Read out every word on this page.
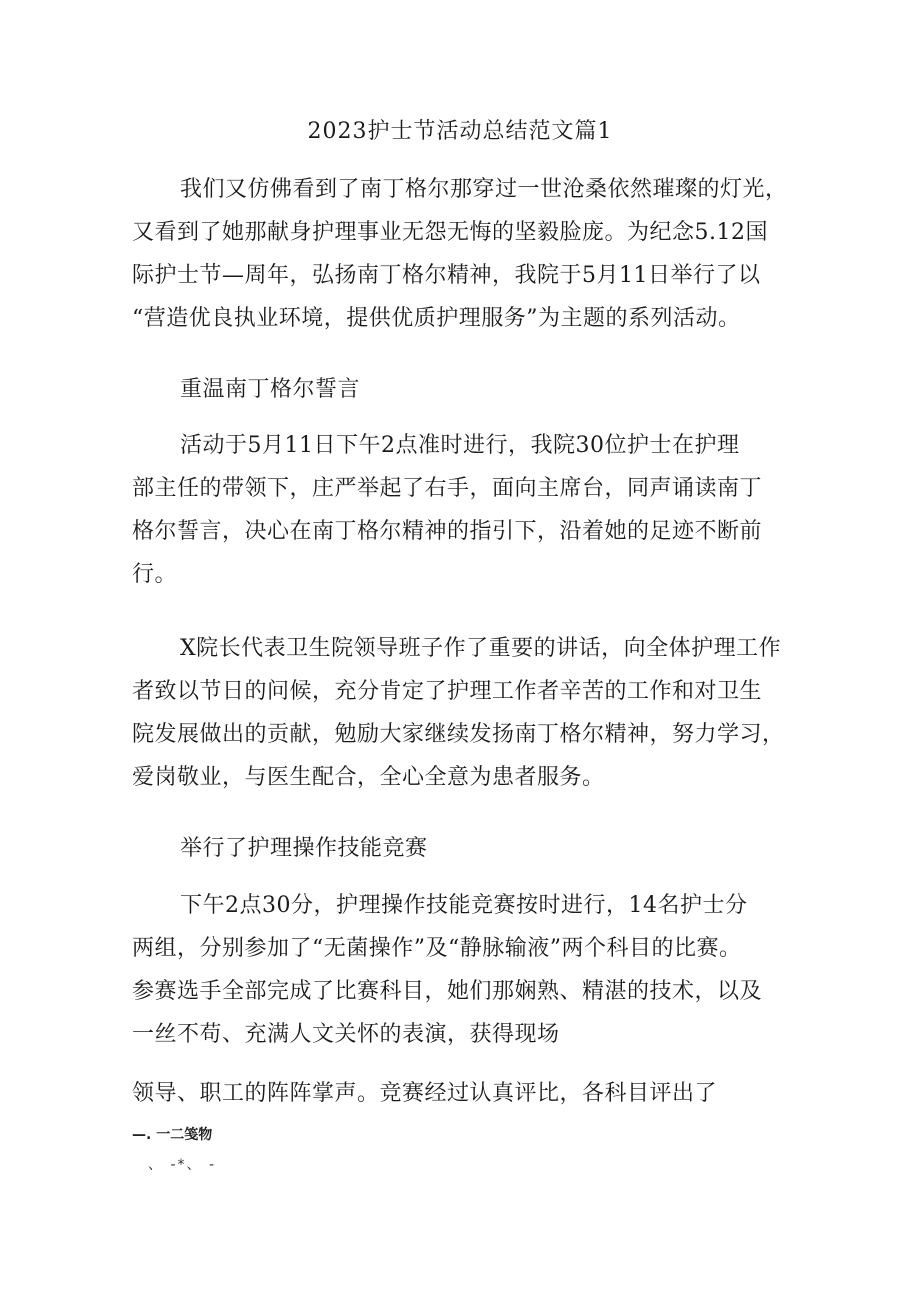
2023护士节活动总结范文篇1
我们又仿佛看到了南丁格尔那穿过一世沧桑依然璀璨的灯光，
又看到了她那献身护理事业无怨无悔的坚毅脸庞。为纪念5.12国
际护士节—周年，弘扬南丁格尔精神，我院于5月11日举行了以
“营造优良执业环境，提供优质护理服务”为主题的系列活动。
重温南丁格尔誓言
活动于5月11日下午2点准时进行，我院30位护士在护理
部主任的带领下，庄严举起了右手，面向主席台，同声诵读南丁
格尔誓言，决心在南丁格尔精神的指引下，沿着她的足迹不断前
行。
X院长代表卫生院领导班子作了重要的讲话，向全体护理工作
者致以节日的问候，充分肯定了护理工作者辛苦的工作和对卫生
院发展做出的贡献，勉励大家继续发扬南丁格尔精神，努力学习，
爱岗敬业，与医生配合，全心全意为患者服务。
举行了护理操作技能竞赛
下午2点30分，护理操作技能竞赛按时进行，14名护士分
两组，分别参加了“无菌操作”及“静脉输液”两个科目的比赛。
参赛选手全部完成了比赛科目，她们那娴熟、精湛的技术，以及
一丝不苟、充满人文关怀的表演，获得现场
领导、职工的阵阵掌声。竞赛经过认真评比，各科目评出了
—. 一二笺物
、 -*、 -
